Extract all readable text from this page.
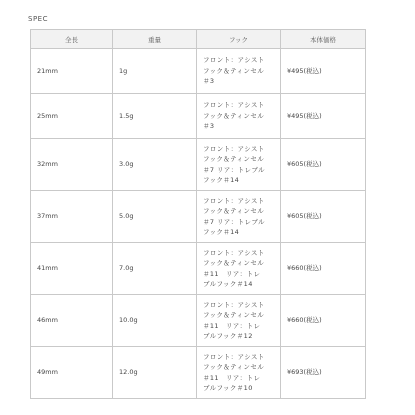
SPEC
全長	重量	フック	本体価格
21mm	1g	フロント：アシスト
フック＆ティンセル
＃3	¥495(税込)
25mm	1.5g	フロント：アシスト
フック＆ティンセル
＃3	¥495(税込)
32mm	3.0g	フロント：アシスト
フック＆ティンセル
＃7 リア：トレブル
フック＃14	¥605(税込)
37mm	5.0g	フロント：アシスト
フック＆ティンセル
＃7 リア：トレブル
フック＃14	¥605(税込)
41mm	7.0g	フロント：アシスト
フック＆ティンセル
＃11　リア：トレ
ブルフック＃14	¥660(税込)
46mm	10.0g	フロント：アシスト
フック＆ティンセル
＃11　リア：トレ
ブルフック＃12	¥660(税込)
49mm	12.0g	フロント：アシスト
フック＆ティンセル
＃11　リア：トレ
ブルフック＃10	¥693(税込)
